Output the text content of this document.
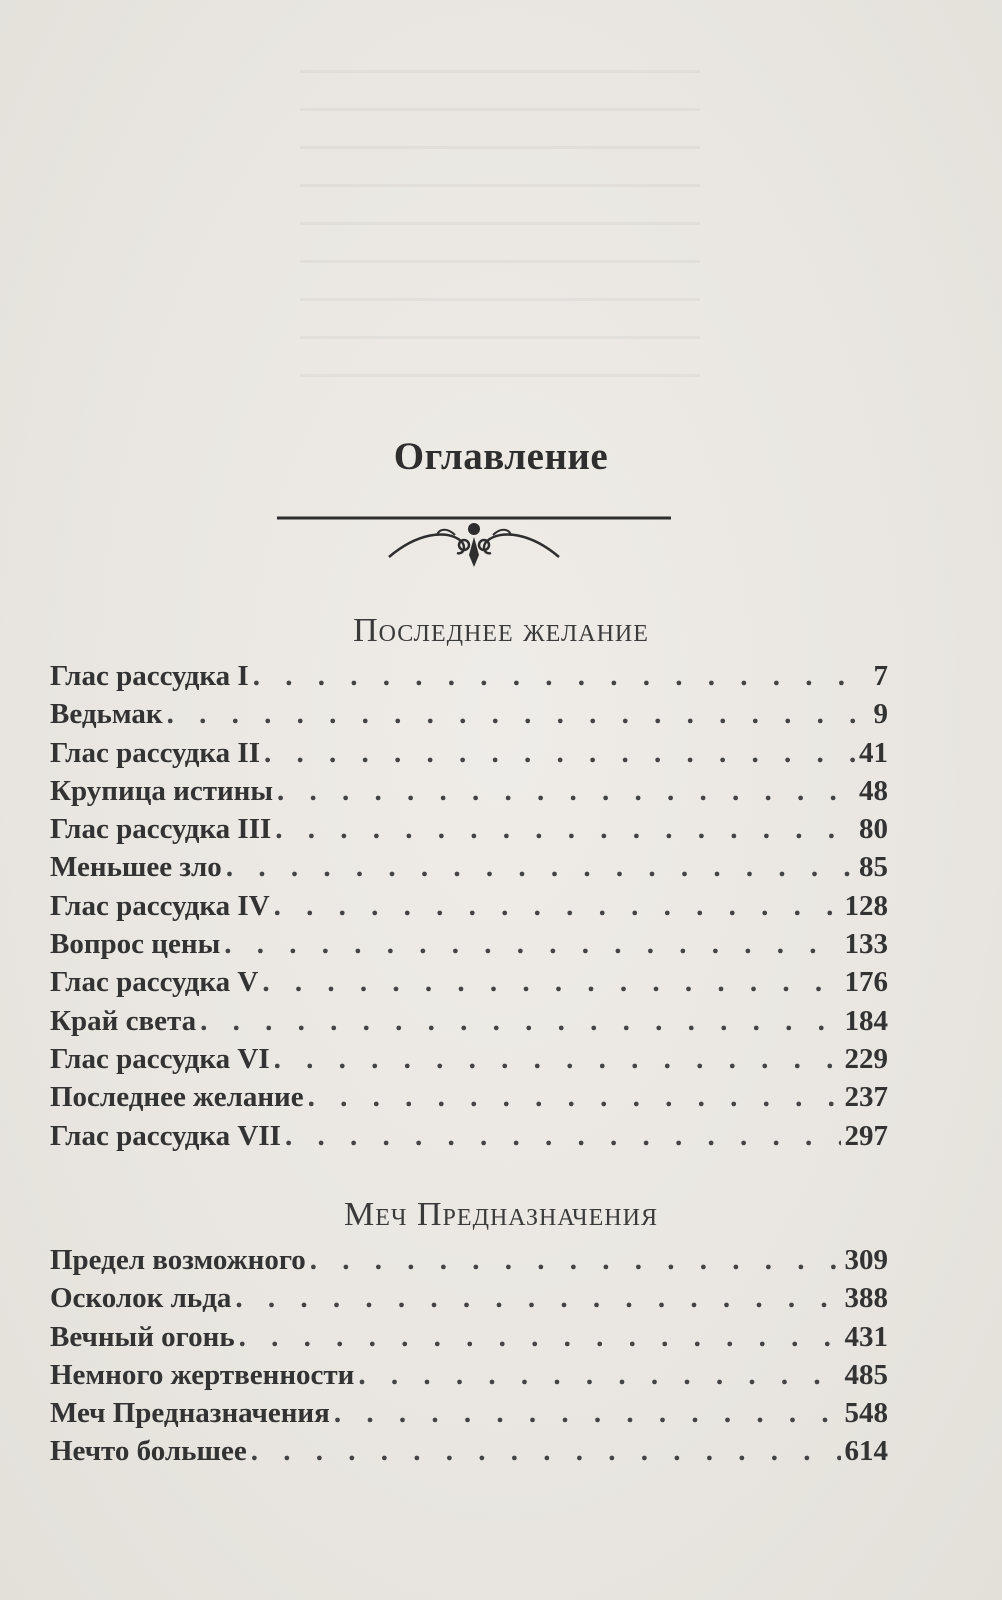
Оглавление
Последнее желание
Глас рассудка I . . .	7
Ведьмак . . .	9
Глас рассудка II . . .	41
Крупица истины . . .	48
Глас рассудка III . . .	80
Меньшее зло . . .	85
Глас рассудка IV . . .	128
Вопрос цены . . .	133
Глас рассудка V . . .	176
Край света . . .	184
Глас рассудка VI . . .	229
Последнее желание . . .	237
Глас рассудка VII . . .	297
Меч Предназначения
Предел возможного . . .	309
Осколок льда . . .	388
Вечный огонь . . .	431
Немного жертвенности . . .	485
Меч Предназначения . . .	548
Нечто большее . . .	614
